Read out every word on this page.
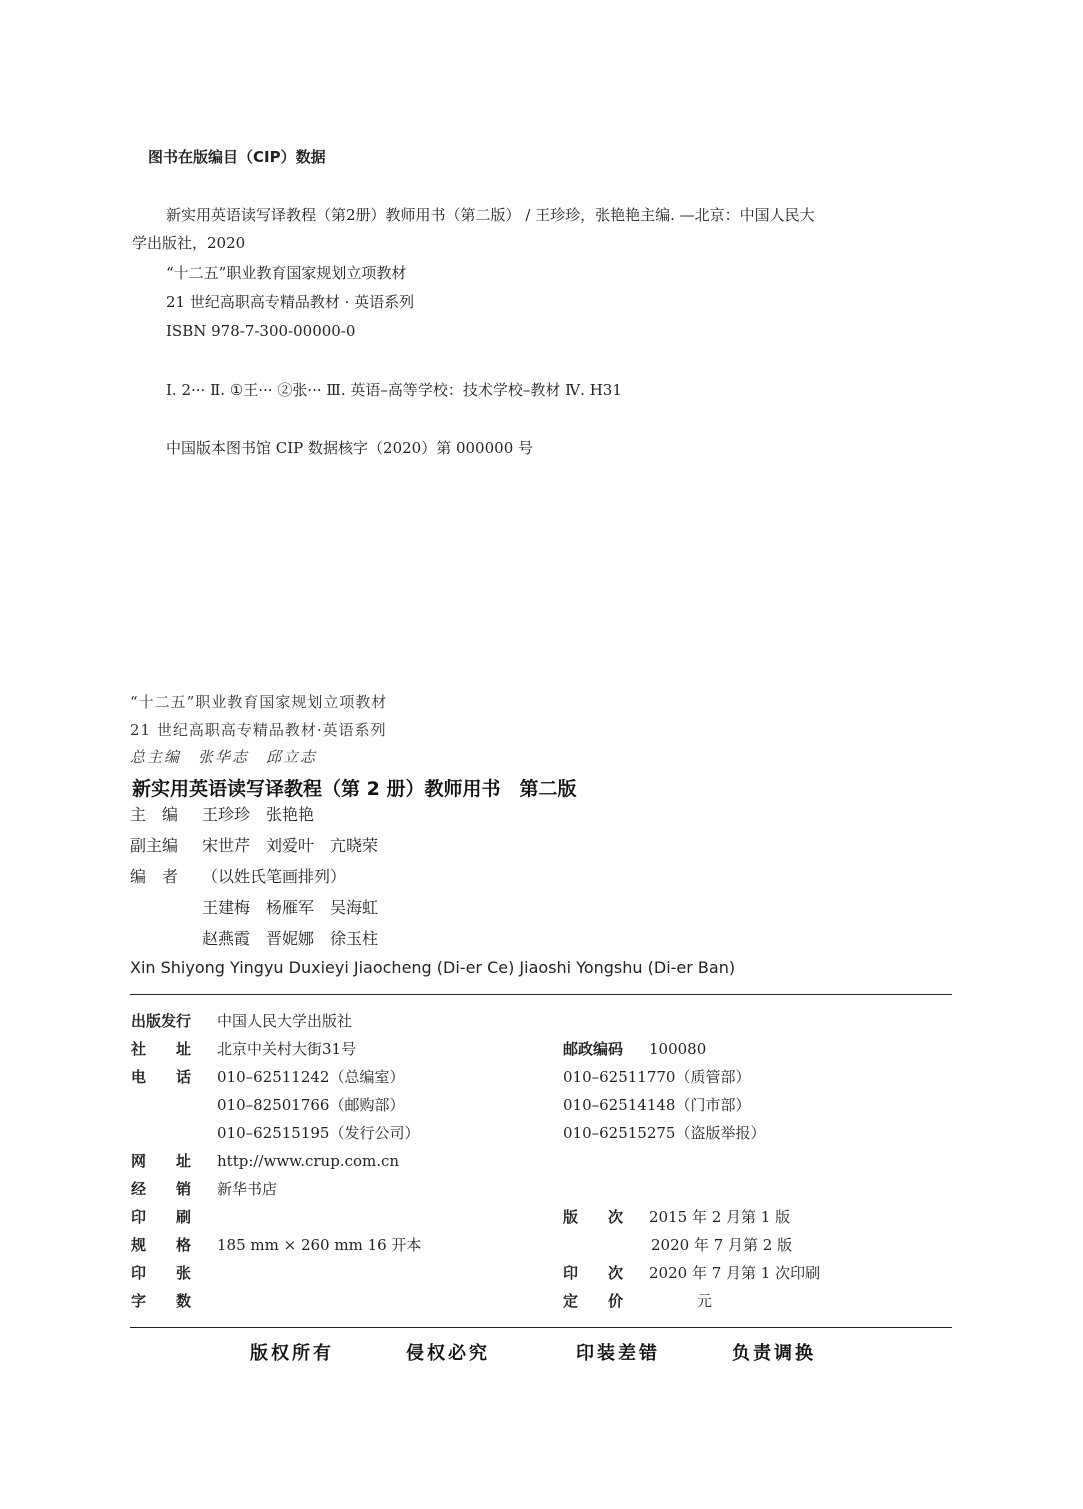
图书在版编目（CIP）数据
新实用英语读写译教程（第2册）教师用书（第二版） / 王珍珍，张艳艳主编. —北京：中国人民大
学出版社，2020
“十二五”职业教育国家规划立项教材
21 世纪高职高专精品教材 · 英语系列
ISBN 978-7-300-00000-0
Ⅰ. 2··· Ⅱ. ①王··· ②张··· Ⅲ. 英语–高等学校：技术学校–教材 Ⅳ. H31
中国版本图书馆 CIP 数据核字（2020）第 000000 号
“十二五”职业教育国家规划立项教材
21 世纪高职高专精品教材·英语系列
总主编　张华志　邱立志
新实用英语读写译教程（第 2 册）教师用书　第二版
主　编 王珍珍　张艳艳
副主编 宋世芹　刘爱叶　亢晓荣
编　者 （以姓氏笔画排列）
王建梅　杨雁军　吴海虹
赵燕霞　晋妮娜　徐玉柱
Xin Shiyong Yingyu Duxieyi Jiaocheng (Di-er Ce) Jiaoshi Yongshu (Di-er Ban)
出版发行 中国人民大学出版社
社　　址 北京中关村大街31号	邮政编码 100080
电　　话 010–62511242（总编室）	010–62511770（质管部）
010–82501766（邮购部）	010–62514148（门市部）
010–62515195（发行公司）	010–62515275（盗版举报）
网　　址 http://www.crup.com.cn
经　　销 新华书店
印　　刷	版　　次 2015 年 2 月第 1 版
规　　格 185 mm × 260 mm 16 开本	2020 年 7 月第 2 版
印　　张	印　　次 2020 年 7 月第 1 次印刷
字　　数	定　　价	元
版权所有	侵权必究	印装差错	负责调换
